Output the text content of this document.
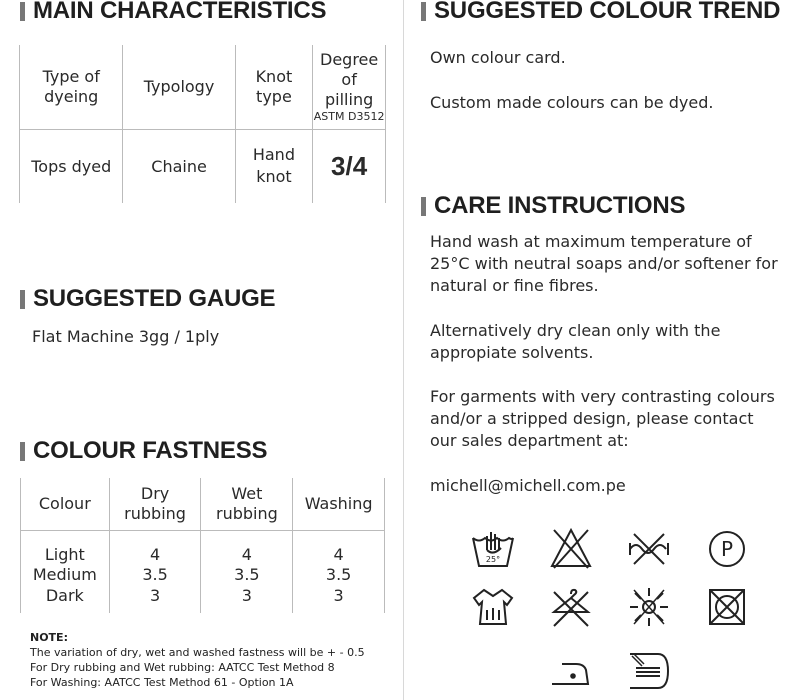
MAIN CHARACTERISTICS
Type of dyeing	Typology	Knot type	Degree of pilling
ASTM D3512

Tops dyed	Chaine	Hand knot	3/4
SUGGESTED GAUGE
Flat Machine 3gg / 1ply
COLOUR FASTNESS
Colour	Dry rubbing	Wet rubbing	Washing
Light	4	4	4
Medium	3.5	3.5	3.5
Dark	3	3	3
NOTE:
The variation of dry, wet and washed fastness will be + - 0.5
For Dry rubbing and Wet rubbing: AATCC Test Method 8
For Washing: AATCC Test Method 61 - Option 1A
SUGGESTED COLOUR TREND
Own colour card.
Custom made colours can be dyed.
CARE INSTRUCTIONS
Hand wash at maximum temperature of 25°C with neutral soaps and/or softener for natural or fine fibres.
Alternatively dry clean only with the appropiate solvents.
For garments with very contrasting colours and/or a stripped design, please contact our sales department at:
michell@michell.com.pe
25°	P
